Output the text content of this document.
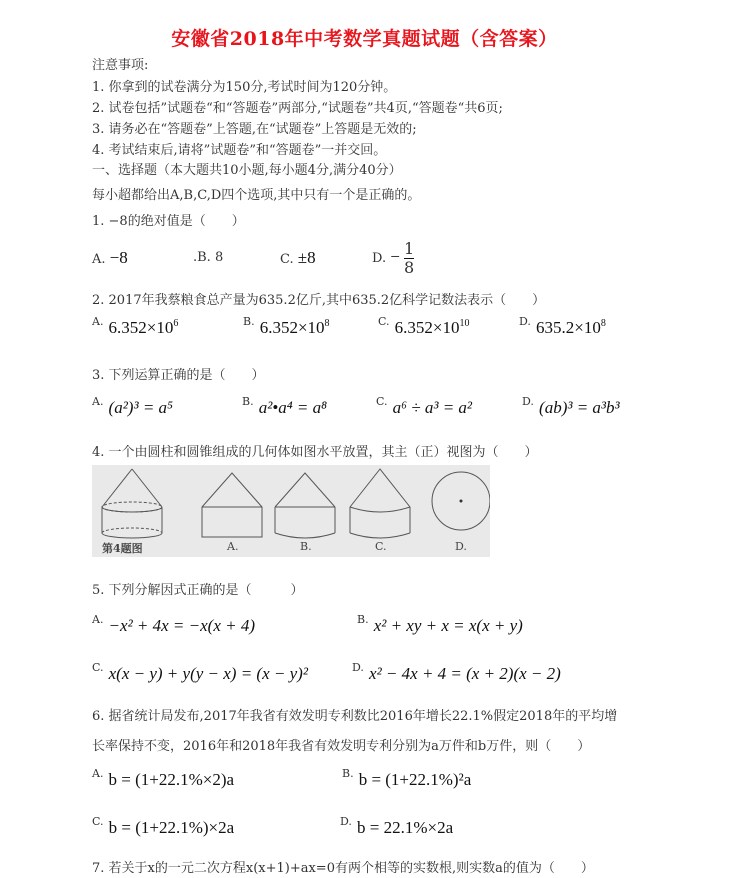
安徽省2018年中考数学真题试题（含答案）
注意事项:
1. 你拿到的试卷满分为150分,考试时间为120分钟。
2. 试卷包括”试题卷“和“答题卷”两部分,“试题卷”共4页,“答题卷“共6页;
3. 请务必在“答题卷”上答题,在“试题卷”上答题是无效的;
4. 考试结束后,请将”试题卷”和“答题卷”一并交回。
一、选择题（本大题共10小题,每小题4分,满分40分）
每小超都给出A,B,C,D四个选项,其中只有一个是正确的。
1. −8的绝对值是（　　）
A. −8	.B. 8	C. ±8	D. − $\frac{1}{8}$
2. 2017年我蔡粮食总产量为635.2亿斤,其中635.2亿科学记数法表示（　　）
$^{A.}$ $6.352\times 10^6$	$^{B.}$ $6.352\times 10^8$	$^{C.}$ $6.352\times 10^{10}$	$^{D.}$ $635.2\times 10^8$
3. 下列运算正确的是（　　）
$^{A.}$ (a²)³ = a⁵	$^{B.}$ a²•a⁴ = a⁸	$^{C.}$ a⁶ ÷ a³ = a²	$^{D.}$ (ab)³ = a³b³
4. 一个由圆柱和圆锥组成的几何体如图水平放置，其主（正）视图为（　　）
第4题图	A.	B.	C.	D.
5. 下列分解因式正确的是（　　　）
$^{A.}$ −x² + 4x = −x(x + 4)	$^{B.}$ x² + xy + x = x(x + y)
$^{C.}$ x(x − y) + y(y − x) = (x − y)²	$^{D.}$ x² − 4x + 4 = (x + 2)(x − 2)
6. 据省统计局发布,2017年我省有效发明专利数比2016年增长22.1%假定2018年的平均增
长率保持不变，2016年和2018年我省有效发明专利分别为a万件和b万件，则（　　）
$^{A.}$ b = (1+22.1%×2)a	$^{B.}$ b = (1+22.1%)²a
$^{C.}$ b = (1+22.1%)×2a	$^{D.}$ b = 22.1%×2a
7. 若关于x的一元二次方程x(x+1)+ax=0有两个相等的实数根,则实数a的值为（　　）
